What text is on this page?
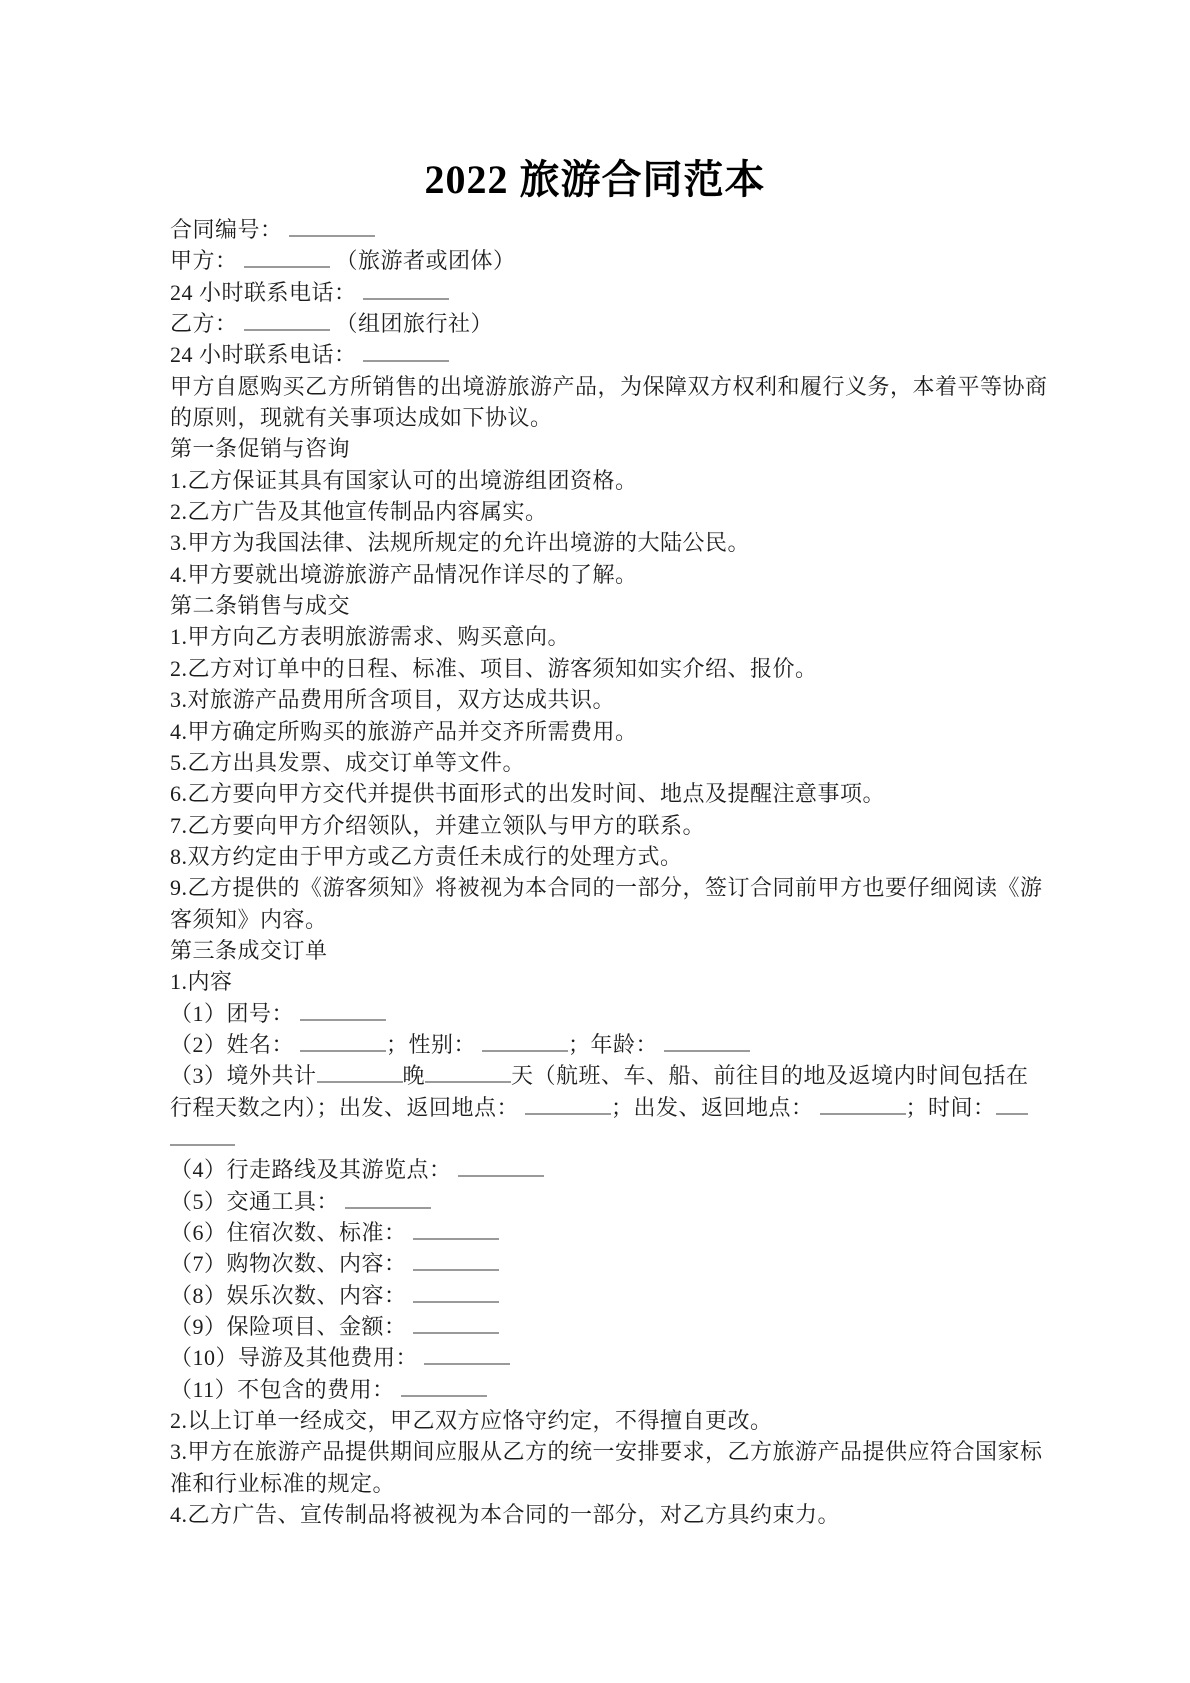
2022 旅游合同范本
合同编号：
甲方：	（旅游者或团体）
24 小时联系电话：
乙方：	（组团旅行社）
24 小时联系电话：
甲方自愿购买乙方所销售的出境游旅游产品，为保障双方权利和履行义务，本着平等协商
的原则，现就有关事项达成如下协议。
第一条促销与咨询
1.乙方保证其具有国家认可的出境游组团资格。
2.乙方广告及其他宣传制品内容属实。
3.甲方为我国法律、法规所规定的允许出境游的大陆公民。
4.甲方要就出境游旅游产品情况作详尽的了解。
第二条销售与成交
1.甲方向乙方表明旅游需求、购买意向。
2.乙方对订单中的日程、标准、项目、游客须知如实介绍、报价。
3.对旅游产品费用所含项目，双方达成共识。
4.甲方确定所购买的旅游产品并交齐所需费用。
5.乙方出具发票、成交订单等文件。
6.乙方要向甲方交代并提供书面形式的出发时间、地点及提醒注意事项。
7.乙方要向甲方介绍领队，并建立领队与甲方的联系。
8.双方约定由于甲方或乙方责任未成行的处理方式。
9.乙方提供的《游客须知》将被视为本合同的一部分，签订合同前甲方也要仔细阅读《游
客须知》内容。
第三条成交订单
1.内容
（1）团号：
（2）姓名：	；性别：	；年龄：
（3）境外共计	晚	天（航班、车、船、前往目的地及返境内时间包括在
行程天数之内）；出发、返回地点：	；出发、返回地点：	；时间：
（4）行走路线及其游览点：
（5）交通工具：
（6）住宿次数、标准：
（7）购物次数、内容：
（8）娱乐次数、内容：
（9）保险项目、金额：
（10）导游及其他费用：
（11）不包含的费用：
2.以上订单一经成交，甲乙双方应恪守约定，不得擅自更改。
3.甲方在旅游产品提供期间应服从乙方的统一安排要求，乙方旅游产品提供应符合国家标
准和行业标准的规定。
4.乙方广告、宣传制品将被视为本合同的一部分，对乙方具约束力。
